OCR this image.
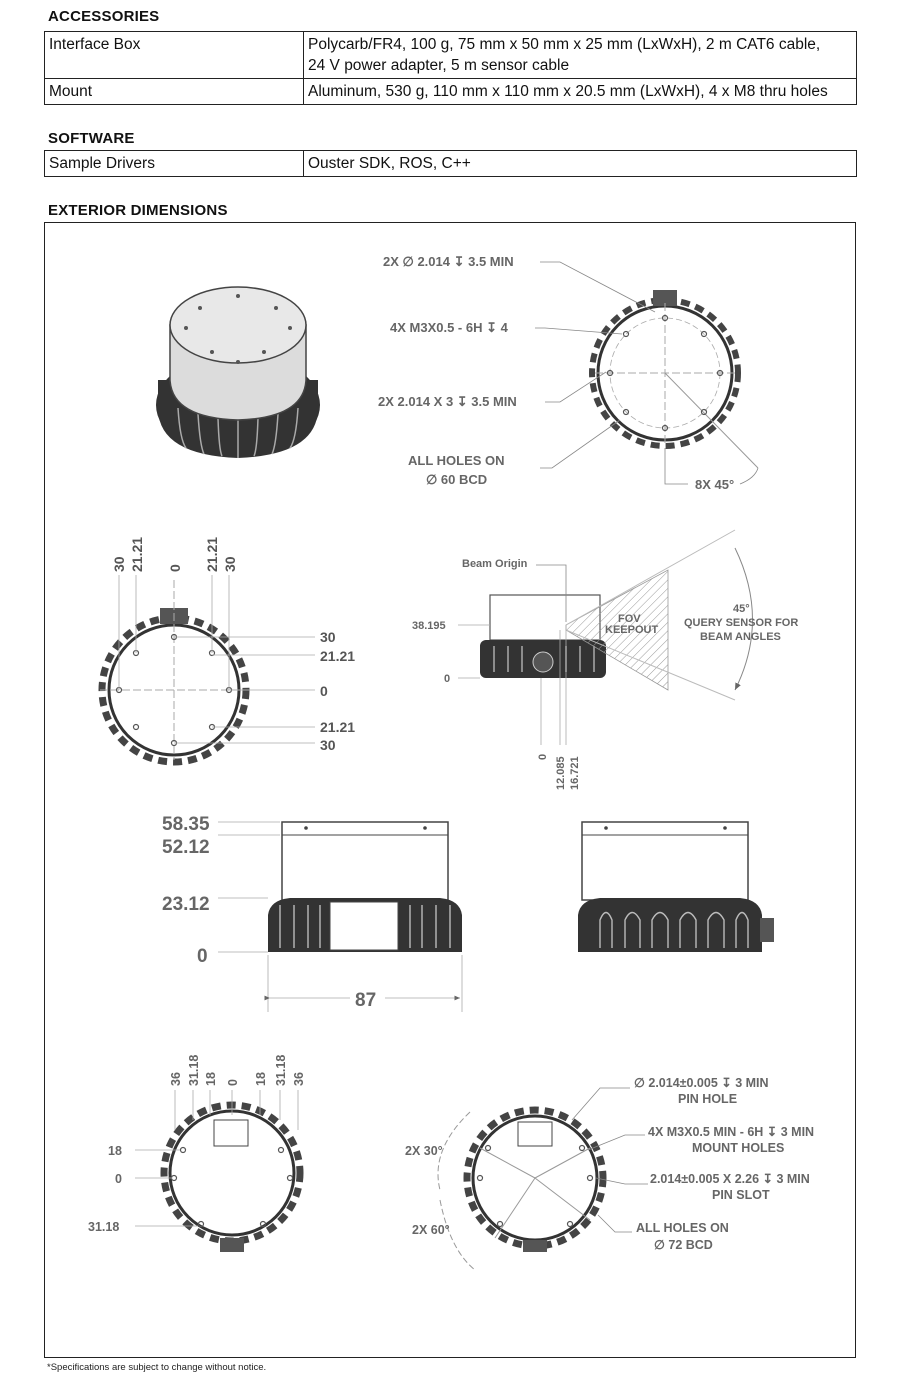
ACCESSORIES
Interface Box	Polycarb/FR4, 100 g, 75 mm x 50 mm x 25 mm (LxWxH), 2 m CAT6 cable,
24 V power adapter, 5 m sensor cable

Mount	Aluminum, 530 g, 110 mm x 110 mm x 20.5 mm (LxWxH), 4 x M8 thru holes
SOFTWARE
Sample Drivers	Ouster SDK, ROS, C++
EXTERIOR DIMENSIONS
2X ∅ 2.014 ↧ 3.5 MIN
4X M3X0.5 - 6H ↧ 4
2X 2.014 X 3 ↧ 3.5 MIN
ALL HOLES ON
∅ 60 BCD	8X 45°
30 21.21 0 21.21 30
30
21.21
0
21.21
30
Beam Origin
38.195
0
FOV
KEEPOUT
45°
QUERY SENSOR FOR
BEAM ANGLES
0 12.085 16.721
58.35
52.12
23.12
0
87
36 31.18 18 0 18 31.18 36
18
0
31.18
2X 30°
2X 60°
∅ 2.014±0.005 ↧ 3 MIN
PIN HOLE
4X M3X0.5 MIN - 6H ↧ 3 MIN
MOUNT HOLES
2.014±0.005 X 2.26 ↧ 3 MIN
PIN SLOT
ALL HOLES ON
∅ 72 BCD
*Specifications are subject to change without notice.
